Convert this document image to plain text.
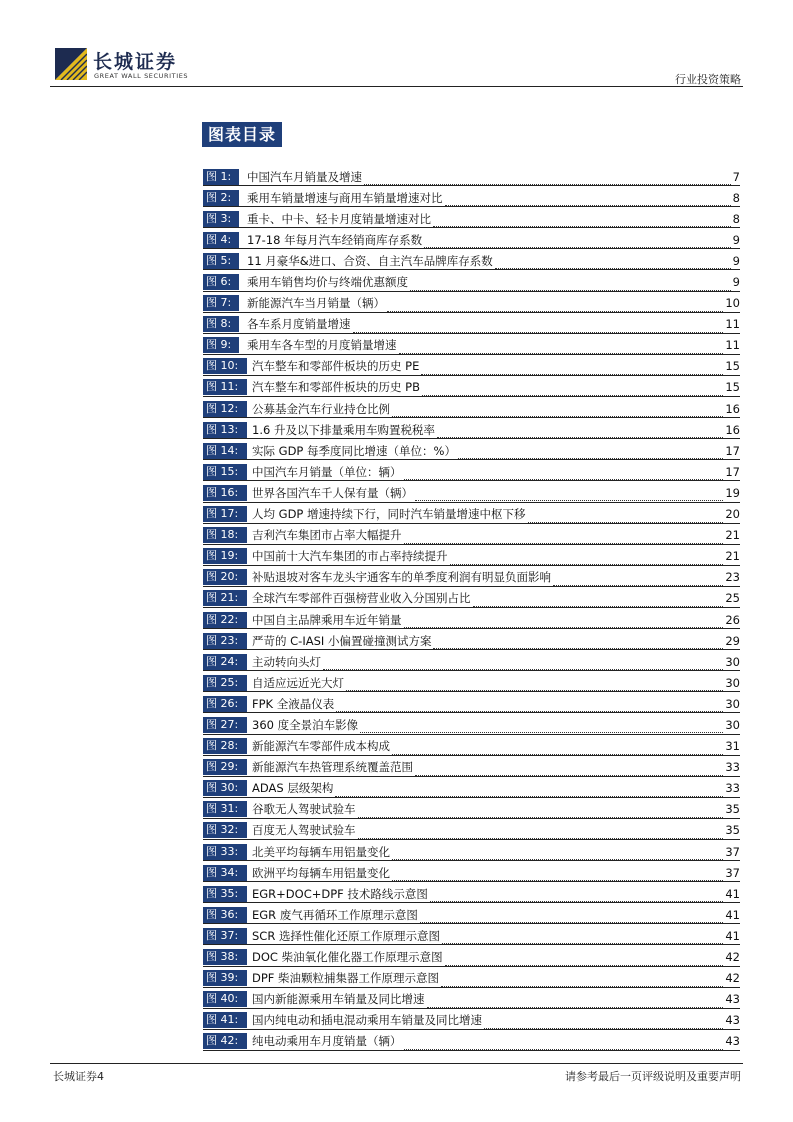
长城证券
GREAT WALL SECURITIES	行业投资策略
图表目录
图 1:	中国汽车月销量及增速	7
图 2:	乘用车销量增速与商用车销量增速对比	8
图 3:	重卡、中卡、轻卡月度销量增速对比	8
图 4:	17-18 年每月汽车经销商库存系数	9
图 5:	11 月豪华&进口、合资、自主汽车品牌库存系数	9
图 6:	乘用车销售均价与终端优惠额度	9
图 7:	新能源汽车当月销量（辆）	10
图 8:	各车系月度销量增速	11
图 9:	乘用车各车型的月度销量增速	11
图 10:	汽车整车和零部件板块的历史 PE	15
图 11:	汽车整车和零部件板块的历史 PB	15
图 12:	公募基金汽车行业持仓比例	16
图 13:	1.6 升及以下排量乘用车购置税税率	16
图 14:	实际 GDP 每季度同比增速（单位：%）	17
图 15:	中国汽车月销量（单位：辆）	17
图 16:	世界各国汽车千人保有量（辆）	19
图 17:	人均 GDP 增速持续下行，同时汽车销量增速中枢下移	20
图 18:	吉利汽车集团市占率大幅提升	21
图 19:	中国前十大汽车集团的市占率持续提升	21
图 20:	补贴退坡对客车龙头宇通客车的单季度利润有明显负面影响	23
图 21:	全球汽车零部件百强榜营业收入分国别占比	25
图 22:	中国自主品牌乘用车近年销量	26
图 23:	严苛的 C-IASI 小偏置碰撞测试方案	29
图 24:	主动转向头灯	30
图 25:	自适应远近光大灯	30
图 26:	FPK 全液晶仪表	30
图 27:	360 度全景泊车影像	30
图 28:	新能源汽车零部件成本构成	31
图 29:	新能源汽车热管理系统覆盖范围	33
图 30:	ADAS 层级架构	33
图 31:	谷歌无人驾驶试验车	35
图 32:	百度无人驾驶试验车	35
图 33:	北美平均每辆车用铝量变化	37
图 34:	欧洲平均每辆车用铝量变化	37
图 35:	EGR+DOC+DPF 技术路线示意图	41
图 36:	EGR 废气再循环工作原理示意图	41
图 37:	SCR 选择性催化还原工作原理示意图	41
图 38:	DOC 柴油氧化催化器工作原理示意图	42
图 39:	DPF 柴油颗粒捕集器工作原理示意图	42
图 40:	国内新能源乘用车销量及同比增速	43
图 41:	国内纯电动和插电混动乘用车销量及同比增速	43
图 42:	纯电动乘用车月度销量（辆）	43
长城证券4	请参考最后一页评级说明及重要声明
